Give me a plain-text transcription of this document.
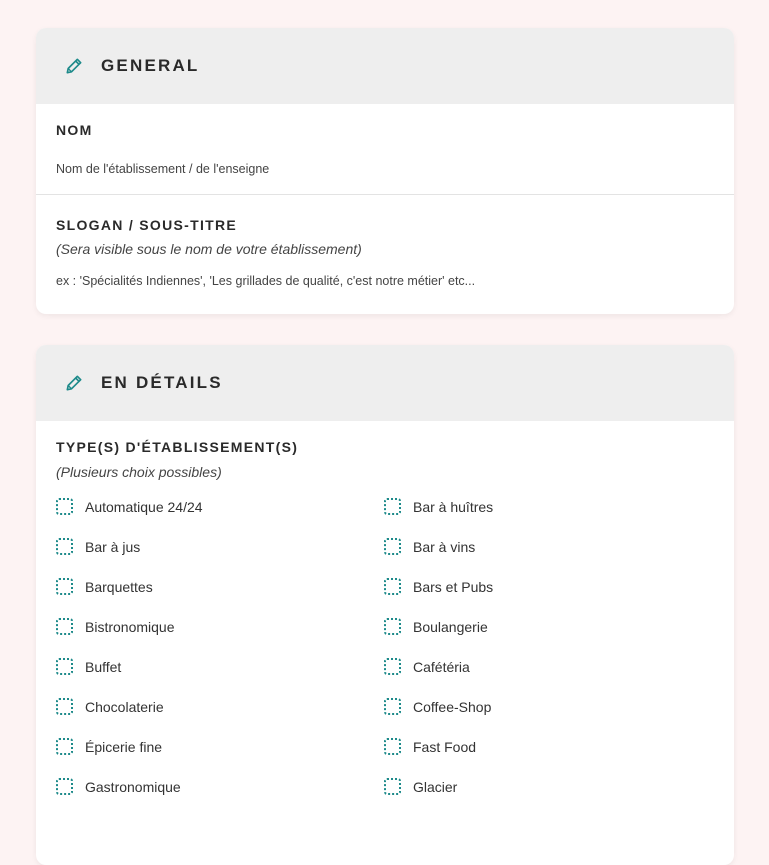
GENERAL
NOM
Nom de l'établissement / de l'enseigne
SLOGAN / SOUS-TITRE
(Sera visible sous le nom de votre établissement)
ex : 'Spécialités Indiennes', 'Les grillades de qualité, c'est notre métier' etc...
EN DÉTAILS
TYPE(S) D'ÉTABLISSEMENT(S)
(Plusieurs choix possibles)
Automatique 24/24
Bar à jus
Barquettes
Bistronomique
Buffet
Chocolaterie
Épicerie fine
Gastronomique
Bar à huîtres
Bar à vins
Bars et Pubs
Boulangerie
Cafétéria
Coffee-Shop
Fast Food
Glacier
